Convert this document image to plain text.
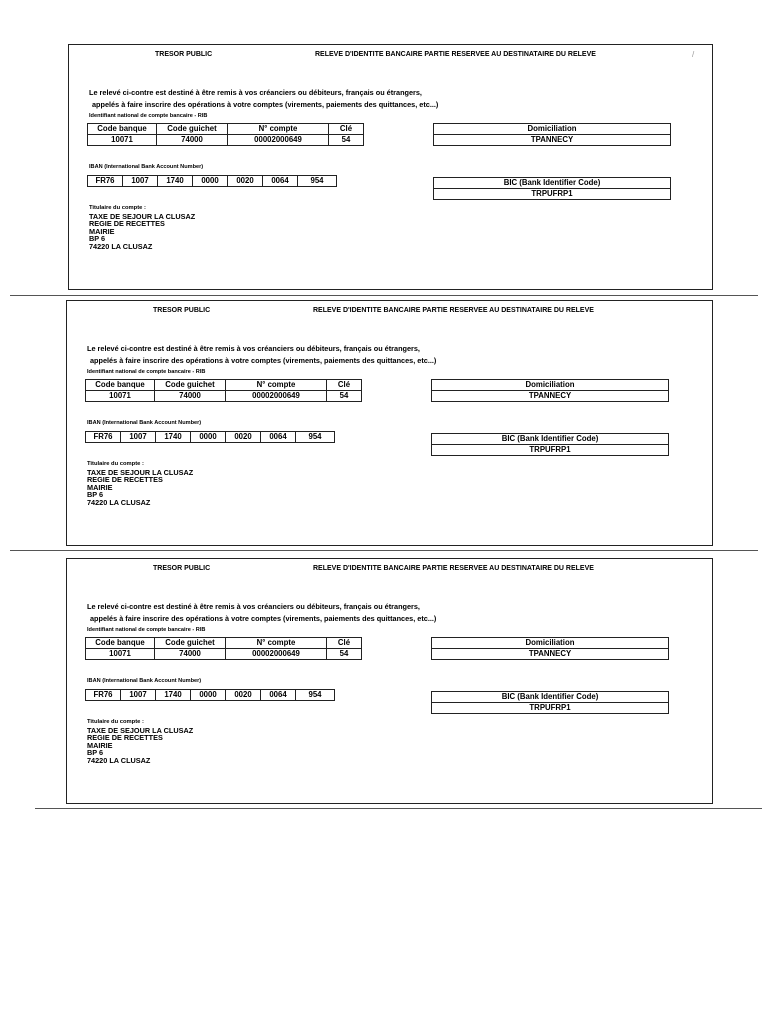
/
TRESOR PUBLIC	RELEVE D'IDENTITE BANCAIRE PARTIE RESERVEE AU DESTINATAIRE DU RELEVE
Le relevé ci-contre est destiné à être remis à vos créanciers ou débiteurs, français ou étrangers,
appelés à faire inscrire des opérations à votre comptes (virements, paiements des quittances, etc...)
Identifiant national de compte bancaire - RIB
Code banque	Code guichet	N° compte	Clé
10071	74000	00002000649	54
Domiciliation
TPANNECY
IBAN (International Bank Account Number)
FR76	1007	1740	0000	0020	0064	954	BIC (Bank Identifier Code)
TRPUFRP1
Titulaire du compte :
TAXE DE SEJOUR LA CLUSAZ
REGIE DE RECETTES
MAIRIE
BP 6
74220 LA CLUSAZ
TRESOR PUBLIC	RELEVE D'IDENTITE BANCAIRE PARTIE RESERVEE AU DESTINATAIRE DU RELEVE
Le relevé ci-contre est destiné à être remis à vos créanciers ou débiteurs, français ou étrangers,
appelés à faire inscrire des opérations à votre comptes (virements, paiements des quittances, etc...)
Identifiant national de compte bancaire - RIB
Code banque	Code guichet	N° compte	Clé
10071	74000	00002000649	54
Domiciliation
TPANNECY
IBAN (International Bank Account Number)
FR76	1007	1740	0000	0020	0064	954	BIC (Bank Identifier Code)
TRPUFRP1
Titulaire du compte :
TAXE DE SEJOUR LA CLUSAZ
REGIE DE RECETTES
MAIRIE
BP 6
74220 LA CLUSAZ
TRESOR PUBLIC	RELEVE D'IDENTITE BANCAIRE PARTIE RESERVEE AU DESTINATAIRE DU RELEVE
Le relevé ci-contre est destiné à être remis à vos créanciers ou débiteurs, français ou étrangers,
appelés à faire inscrire des opérations à votre comptes (virements, paiements des quittances, etc...)
Identifiant national de compte bancaire - RIB
Code banque	Code guichet	N° compte	Clé
10071	74000	00002000649	54
Domiciliation
TPANNECY
IBAN (International Bank Account Number)
FR76	1007	1740	0000	0020	0064	954	BIC (Bank Identifier Code)
TRPUFRP1
Titulaire du compte :
TAXE DE SEJOUR LA CLUSAZ
REGIE DE RECETTES
MAIRIE
BP 6
74220 LA CLUSAZ
